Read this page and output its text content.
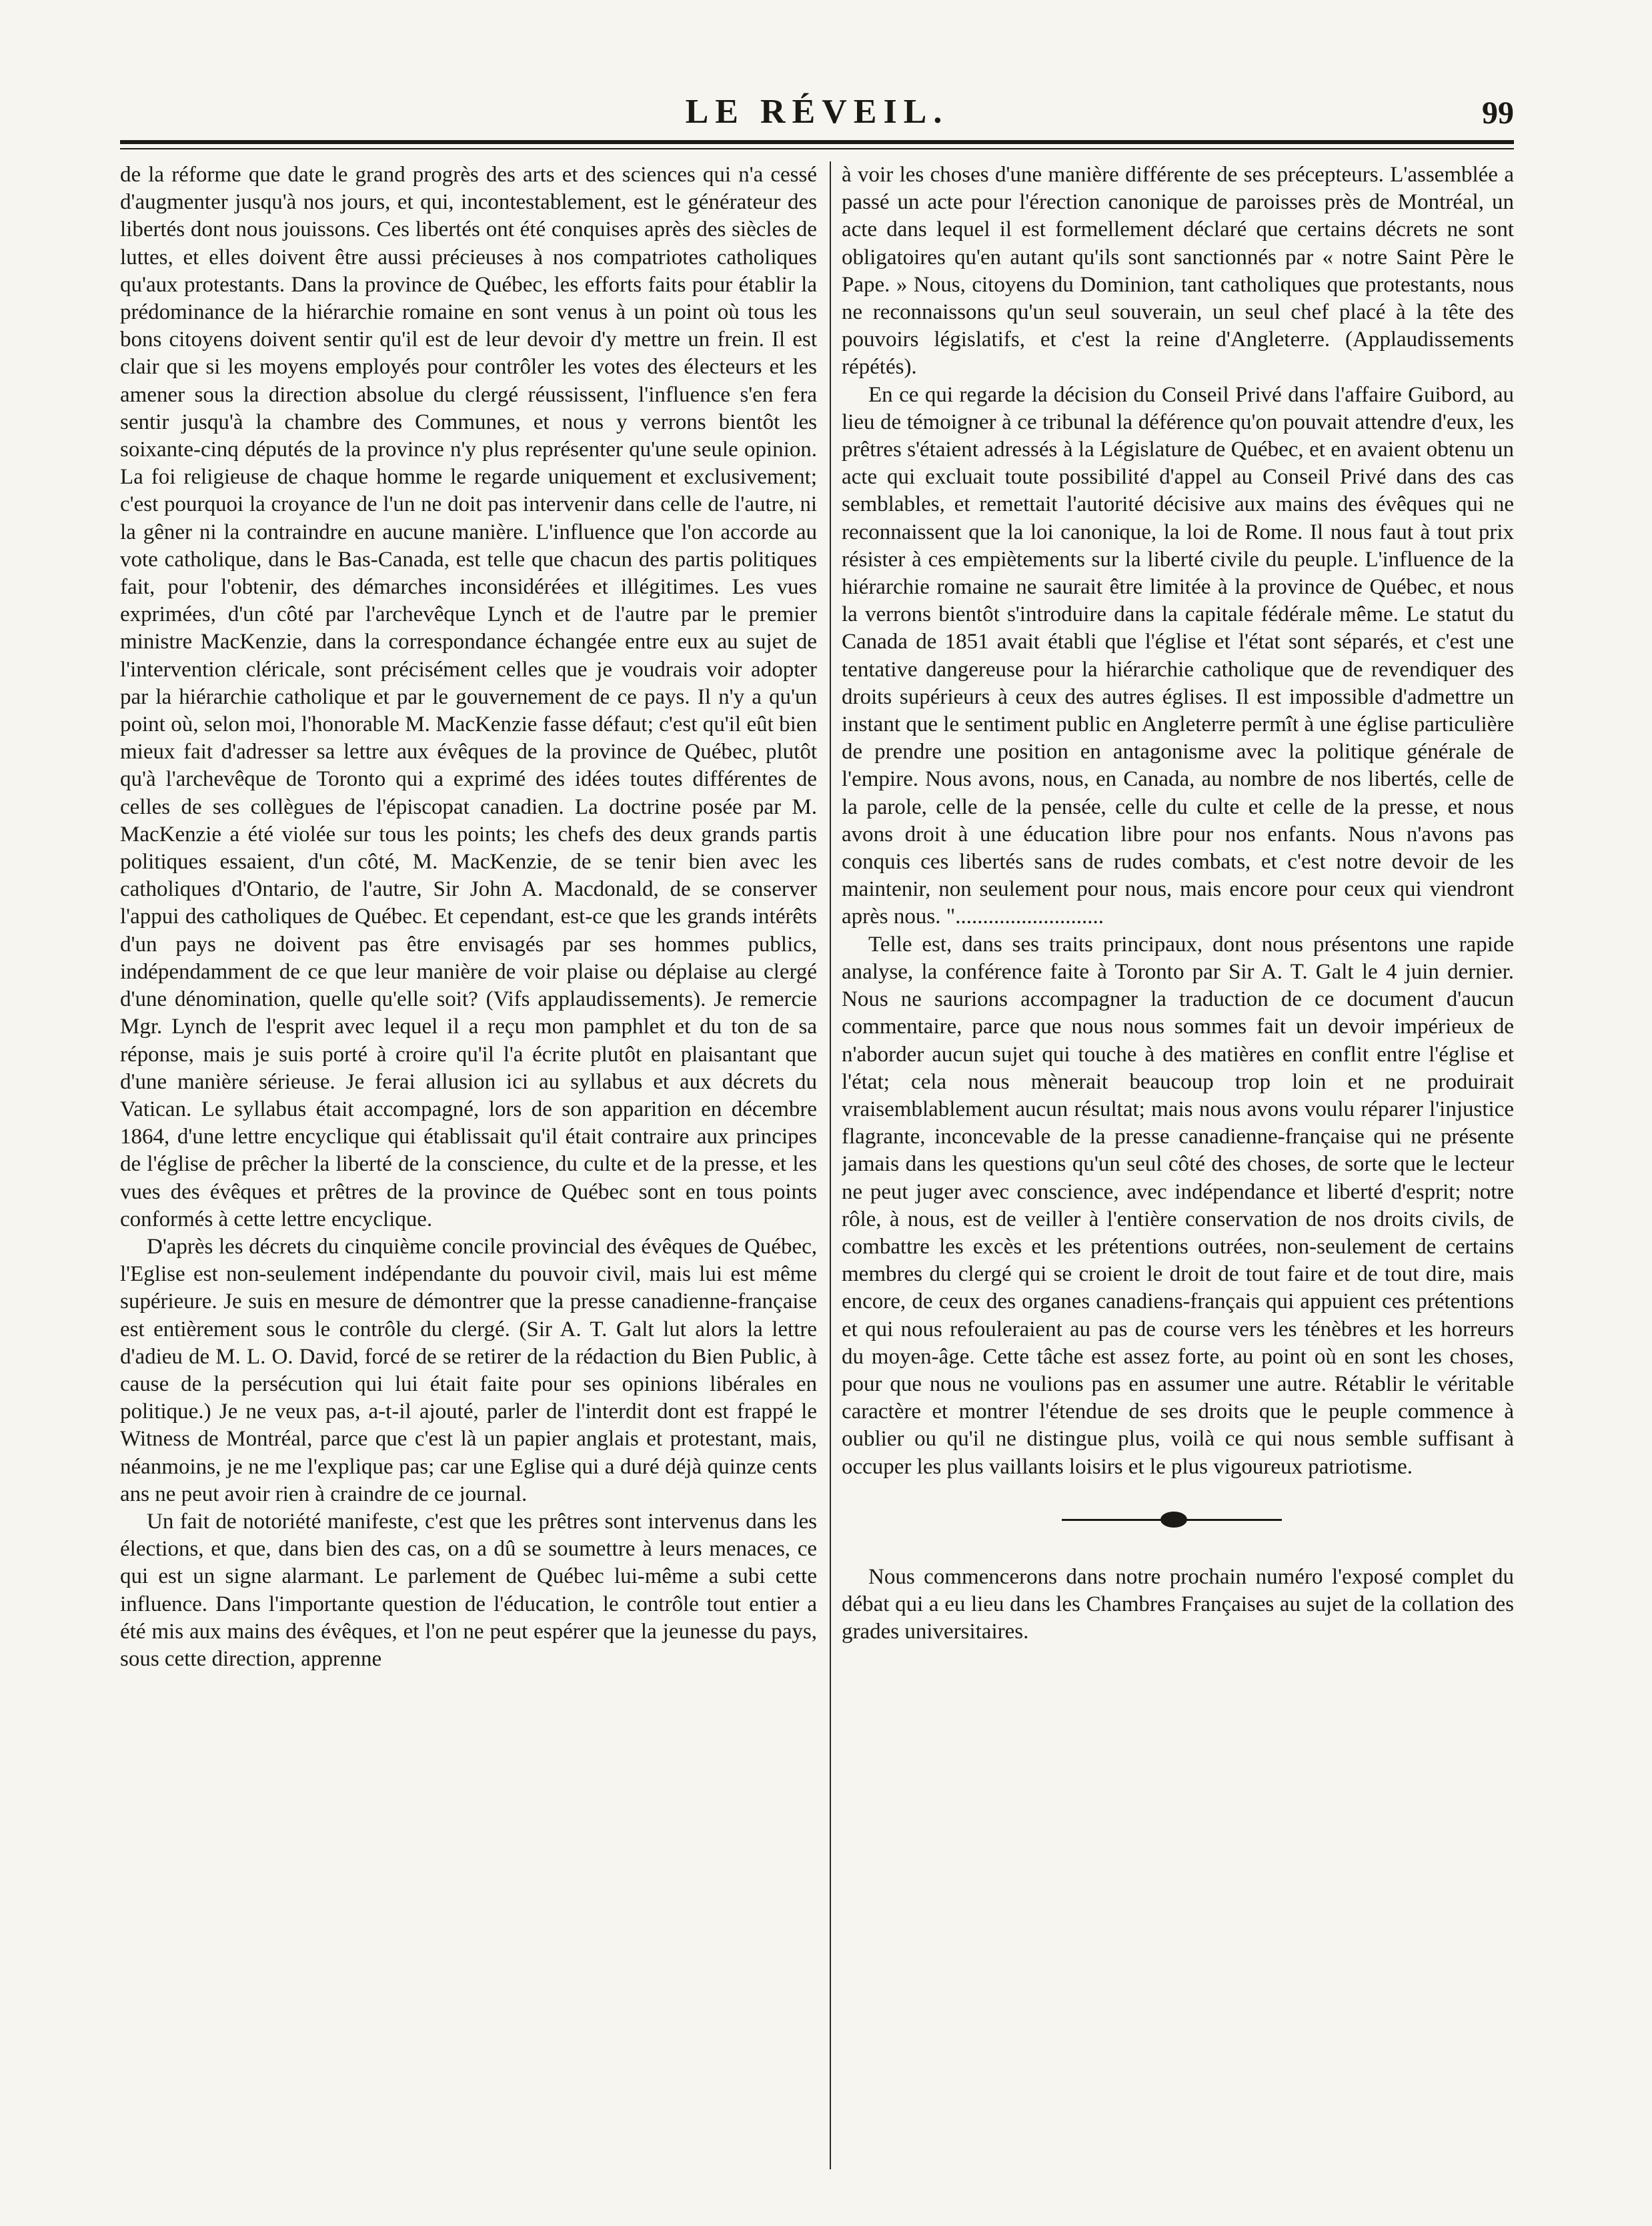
LE RÉVEIL.	99

de la réforme que date le grand progrès des arts et des sciences qui n'a cessé d'augmenter jusqu'à nos jours, et qui, incontestablement, est le générateur des libertés dont nous jouissons. Ces libertés ont été conquises après des siècles de luttes, et elles doivent être aussi précieuses à nos compatriotes catholiques qu'aux protestants. Dans la province de Québec, les efforts faits pour établir la prédominance de la hiérarchie romaine en sont venus à un point où tous les bons citoyens doivent sentir qu'il est de leur devoir d'y mettre un frein. Il est clair que si les moyens employés pour contrôler les votes des électeurs et les amener sous la direction absolue du clergé réussissent, l'influence s'en fera sentir jusqu'à la chambre des Communes, et nous y verrons bientôt les soixante-cinq députés de la province n'y plus représenter qu'une seule opinion. La foi religieuse de chaque homme le regarde uniquement et exclusivement; c'est pourquoi la croyance de l'un ne doit pas intervenir dans celle de l'autre, ni la gêner ni la contraindre en aucune manière. L'influence que l'on accorde au vote catholique, dans le Bas-Canada, est telle que chacun des partis politiques fait, pour l'obtenir, des démarches inconsidérées et illégitimes. Les vues exprimées, d'un côté par l'archevêque Lynch et de l'autre par le premier ministre MacKenzie, dans la correspondance échangée entre eux au sujet de l'intervention cléricale, sont précisément celles que je voudrais voir adopter par la hiérarchie catholique et par le gouvernement de ce pays. Il n'y a qu'un point où, selon moi, l'honorable M. MacKenzie fasse défaut; c'est qu'il eût bien mieux fait d'adresser sa lettre aux évêques de la province de Québec, plutôt qu'à l'archevêque de Toronto qui a exprimé des idées toutes différentes de celles de ses collègues de l'épiscopat canadien. La doctrine posée par M. MacKenzie a été violée sur tous les points; les chefs des deux grands partis politiques essaient, d'un côté, M. MacKenzie, de se tenir bien avec les catholiques d'Ontario, de l'autre, Sir John A. Macdonald, de se conserver l'appui des catholiques de Québec. Et cependant, est-ce que les grands intérêts d'un pays ne doivent pas être envisagés par ses hommes publics, indépendamment de ce que leur manière de voir plaise ou déplaise au clergé d'une dénomination, quelle qu'elle soit? (Vifs applaudissements). Je remercie Mgr. Lynch de l'esprit avec lequel il a reçu mon pamphlet et du ton de sa réponse, mais je suis porté à croire qu'il l'a écrite plutôt en plaisantant que d'une manière sérieuse. Je ferai allusion ici au syllabus et aux décrets du Vatican. Le syllabus était accompagné, lors de son apparition en décembre 1864, d'une lettre encyclique qui établissait qu'il était contraire aux principes de l'église de prêcher la liberté de la conscience, du culte et de la presse, et les vues des évêques et prêtres de la province de Québec sont en tous points conformés à cette lettre encyclique.

D'après les décrets du cinquième concile provincial des évêques de Québec, l'Eglise est non-seulement indépendante du pouvoir civil, mais lui est même supérieure. Je suis en mesure de démontrer que la presse canadienne-française est entièrement sous le contrôle du clergé. (Sir A. T. Galt lut alors la lettre d'adieu de M. L. O. David, forcé de se retirer de la rédaction du Bien Public, à cause de la persécution qui lui était faite pour ses opinions libérales en politique.) Je ne veux pas, a-t-il ajouté, parler de l'interdit dont est frappé le Witness de Montréal, parce que c'est là un papier anglais et protestant, mais, néanmoins, je ne me l'explique pas; car une Eglise qui a duré déjà quinze cents ans ne peut avoir rien à craindre de ce journal.

Un fait de notoriété manifeste, c'est que les prêtres sont intervenus dans les élections, et que, dans bien des cas, on a dû se soumettre à leurs menaces, ce qui est un signe alarmant. Le parlement de Québec lui-même a subi cette influence. Dans l'importante question de l'éducation, le contrôle tout entier a été mis aux mains des évêques, et l'on ne peut espérer que la jeunesse du pays, sous cette direction, apprenne

à voir les choses d'une manière différente de ses précepteurs. L'assemblée a passé un acte pour l'érection canonique de paroisses près de Montréal, un acte dans lequel il est formellement déclaré que certains décrets ne sont obligatoires qu'en autant qu'ils sont sanctionnés par « notre Saint Père le Pape. » Nous, citoyens du Dominion, tant catholiques que protestants, nous ne reconnaissons qu'un seul souverain, un seul chef placé à la tête des pouvoirs législatifs, et c'est la reine d'Angleterre. (Applaudissements répétés).

En ce qui regarde la décision du Conseil Privé dans l'affaire Guibord, au lieu de témoigner à ce tribunal la déférence qu'on pouvait attendre d'eux, les prêtres s'étaient adressés à la Législature de Québec, et en avaient obtenu un acte qui excluait toute possibilité d'appel au Conseil Privé dans des cas semblables, et remettait l'autorité décisive aux mains des évêques qui ne reconnaissent que la loi canonique, la loi de Rome. Il nous faut à tout prix résister à ces empiètements sur la liberté civile du peuple. L'influence de la hiérarchie romaine ne saurait être limitée à la province de Québec, et nous la verrons bientôt s'introduire dans la capitale fédérale même. Le statut du Canada de 1851 avait établi que l'église et l'état sont séparés, et c'est une tentative dangereuse pour la hiérarchie catholique que de revendiquer des droits supérieurs à ceux des autres églises. Il est impossible d'admettre un instant que le sentiment public en Angleterre permît à une église particulière de prendre une position en antagonisme avec la politique générale de l'empire. Nous avons, nous, en Canada, au nombre de nos libertés, celle de la parole, celle de la pensée, celle du culte et celle de la presse, et nous avons droit à une éducation libre pour nos enfants. Nous n'avons pas conquis ces libertés sans de rudes combats, et c'est notre devoir de les maintenir, non seulement pour nous, mais encore pour ceux qui viendront après nous. "...........................

Telle est, dans ses traits principaux, dont nous présentons une rapide analyse, la conférence faite à Toronto par Sir A. T. Galt le 4 juin dernier. Nous ne saurions accompagner la traduction de ce document d'aucun commentaire, parce que nous nous sommes fait un devoir impérieux de n'aborder aucun sujet qui touche à des matières en conflit entre l'église et l'état; cela nous mènerait beaucoup trop loin et ne produirait vraisemblablement aucun résultat; mais nous avons voulu réparer l'injustice flagrante, inconcevable de la presse canadienne-française qui ne présente jamais dans les questions qu'un seul côté des choses, de sorte que le lecteur ne peut juger avec conscience, avec indépendance et liberté d'esprit; notre rôle, à nous, est de veiller à l'entière conservation de nos droits civils, de combattre les excès et les prétentions outrées, non-seulement de certains membres du clergé qui se croient le droit de tout faire et de tout dire, mais encore, de ceux des organes canadiens-français qui appuient ces prétentions et qui nous refouleraient au pas de course vers les ténèbres et les horreurs du moyen-âge. Cette tâche est assez forte, au point où en sont les choses, pour que nous ne voulions pas en assumer une autre. Rétablir le véritable caractère et montrer l'étendue de ses droits que le peuple commence à oublier ou qu'il ne distingue plus, voilà ce qui nous semble suffisant à occuper les plus vaillants loisirs et le plus vigoureux patriotisme.

Nous commencerons dans notre prochain numéro l'exposé complet du débat qui a eu lieu dans les Chambres Françaises au sujet de la collation des grades universitaires.
